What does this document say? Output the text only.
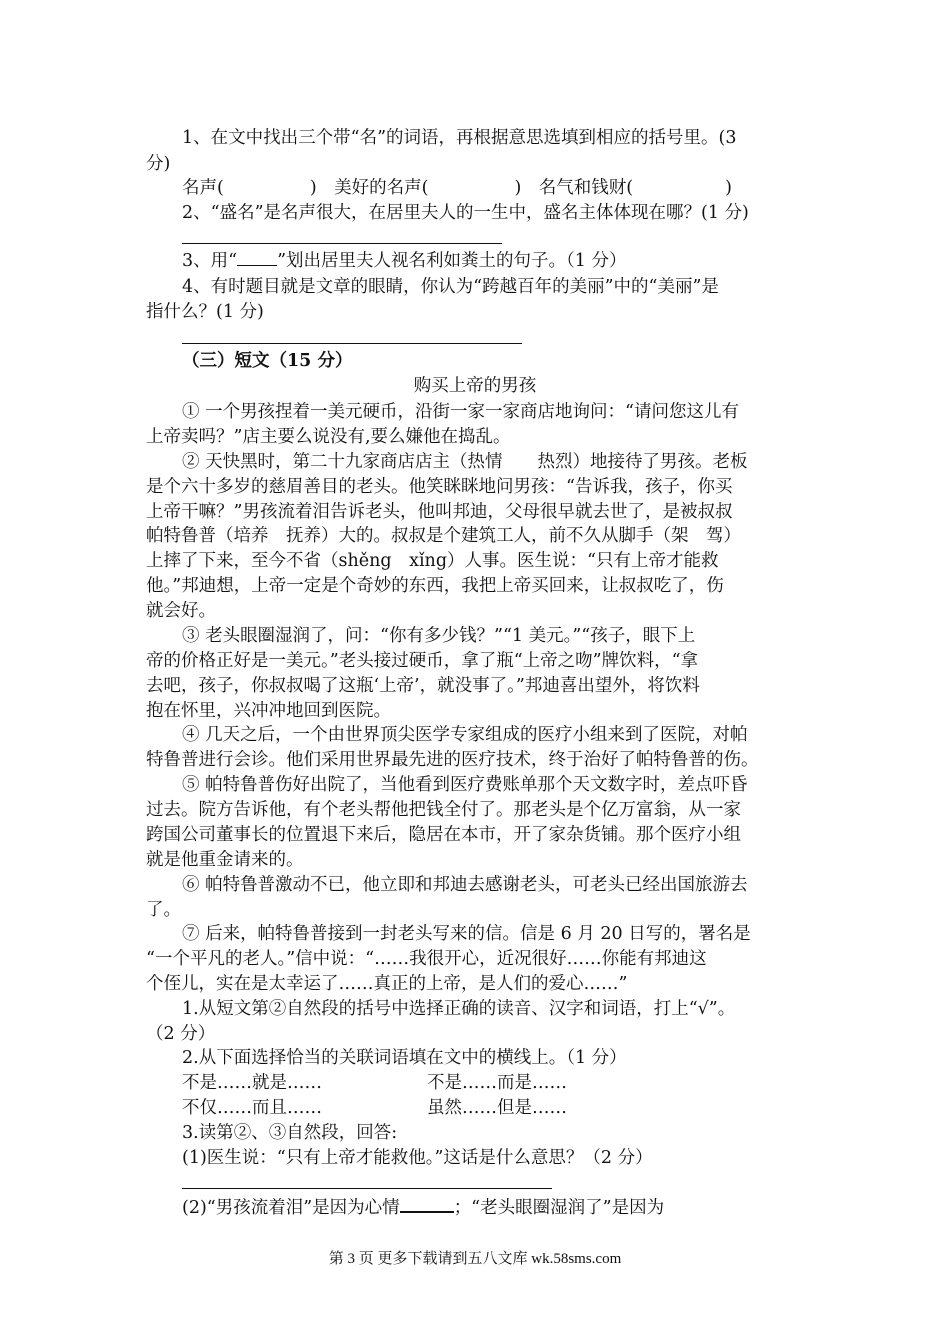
1、在文中找出三个带“名”的词语，再根据意思选填到相应的括号里。(3
分)
名声(	)　美好的名声(	)　名气和钱财(	)
2、“盛名”是名声很大，在居里夫人的一生中，盛名主体体现在哪？(1 分)
3、用“ ”划出居里夫人视名利如粪土的句子。（1 分）
4、有时题目就是文章的眼睛，你认为“跨越百年的美丽”中的“美丽”是
指什么？(1 分)
（三）短文（15 分）
购买上帝的男孩
① 一个男孩捏着一美元硬币，沿街一家一家商店地询问：“请问您这儿有
上帝卖吗？”店主要么说没有,要么嫌他在捣乱。
② 天快黑时，第二十九家商店店主（热情　　热烈）地接待了男孩。老板
是个六十多岁的慈眉善目的老头。他笑眯眯地问男孩：“告诉我，孩子，你买
上帝干嘛？”男孩流着泪告诉老头，他叫邦迪，父母很早就去世了，是被叔叔
帕特鲁普（培养　抚养）大的。叔叔是个建筑工人，前不久从脚手（架　驾）
上摔了下来，至今不省（shěng　xǐng）人事。医生说：“只有上帝才能救
他。”邦迪想，上帝一定是个奇妙的东西，我把上帝买回来，让叔叔吃了，伤
就会好。
③ 老头眼圈湿润了，问：“你有多少钱？”“1 美元。”“孩子，眼下上
帝的价格正好是一美元。”老头接过硬币，拿了瓶“上帝之吻”牌饮料，“拿
去吧，孩子，你叔叔喝了这瓶‘上帝’，就没事了。”邦迪喜出望外，将饮料
抱在怀里，兴冲冲地回到医院。
④ 几天之后，一个由世界顶尖医学专家组成的医疗小组来到了医院，对帕
特鲁普进行会诊。他们采用世界最先进的医疗技术，终于治好了帕特鲁普的伤。
⑤ 帕特鲁普伤好出院了，当他看到医疗费账单那个天文数字时，差点吓昏
过去。院方告诉他，有个老头帮他把钱全付了。那老头是个亿万富翁，从一家
跨国公司董事长的位置退下来后，隐居在本市，开了家杂货铺。那个医疗小组
就是他重金请来的。
⑥ 帕特鲁普激动不已，他立即和邦迪去感谢老头，可老头已经出国旅游去
了。
⑦ 后来，帕特鲁普接到一封老头写来的信。信是 6 月 20 日写的，署名是
“一个平凡的老人。”信中说：“……我很开心，近况很好……你能有邦迪这
个侄儿，实在是太幸运了……真正的上帝，是人们的爱心……”
1.从短文第②自然段的括号中选择正确的读音、汉字和词语，打上“√”。
（2 分）
2.从下面选择恰当的关联词语填在文中的横线上。（1 分）
不是……就是……	不是……而是……
不仅……而且……	虽然……但是……
3.读第②、③自然段，回答:
(1)医生说：“只有上帝才能救他。”这话是什么意思？（2 分）
(2)“男孩流着泪”是因为心情	；“老头眼圈湿润了”是因为
第 3 页 更多下载请到五八文库 wk.58sms.com
